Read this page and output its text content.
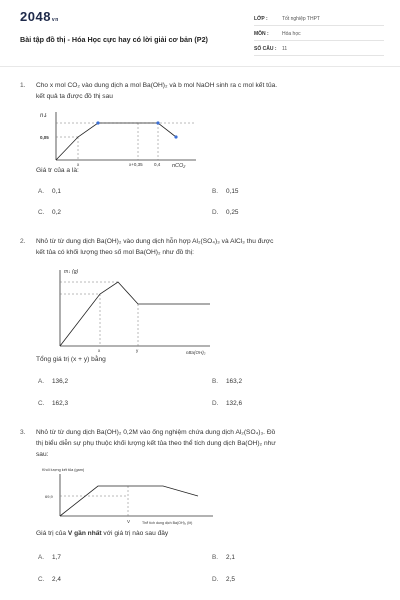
2048vn
Bài tập đồ thị - Hóa Học cực hay có lời giải cơ bản (P2)
LỚP :	Tốt nghiệp THPT
MÔN :	Hóa học
SỐ CÂU : 11
1. Cho x mol CO₂ vào dung dịch a mol Ba(OH)₂ và b mol NaOH sinh ra c mol kết tủa.
kết quả ta được đồ thị sau
nↆ
0,05
x	x+0,35	0,4 nCO₂
Giá tr của a là:
A. 0,1	B. 0,15
C. 0,2	D. 0,25
2. Nhỏ từ từ dung dịch Ba(OH)₂ vào dung dịch hỗn hợp Al₂(SO₄)₃ và AlCl₃ thu được
kết tủa có khối lượng theo số mol Ba(OH)₂ như đồ thị:
m↓ (g)
x	y	nBa(OH)₂
Tổng giá trị (x + y) bằng
A. 136,2	B. 163,2
C. 162,3	D. 132,6
3. Nhỏ từ từ dung dịch Ba(OH)₂ 0,2M vào ống nghiệm chứa dung dịch Al₂(SO₄)₃. Đồ
thị biểu diễn sự phụ thuộc khối lượng kết tủa theo thể tích dung dịch Ba(OH)₂ như
sau:
Khối lượng kết tủa (gam)
69,9
V	Thể tích dung dịch Ba(OH)₂ (lít)
Giá trị của V gần nhất với giá trị nào sau đây
A. 1,7	B. 2,1
C. 2,4	D. 2,5
